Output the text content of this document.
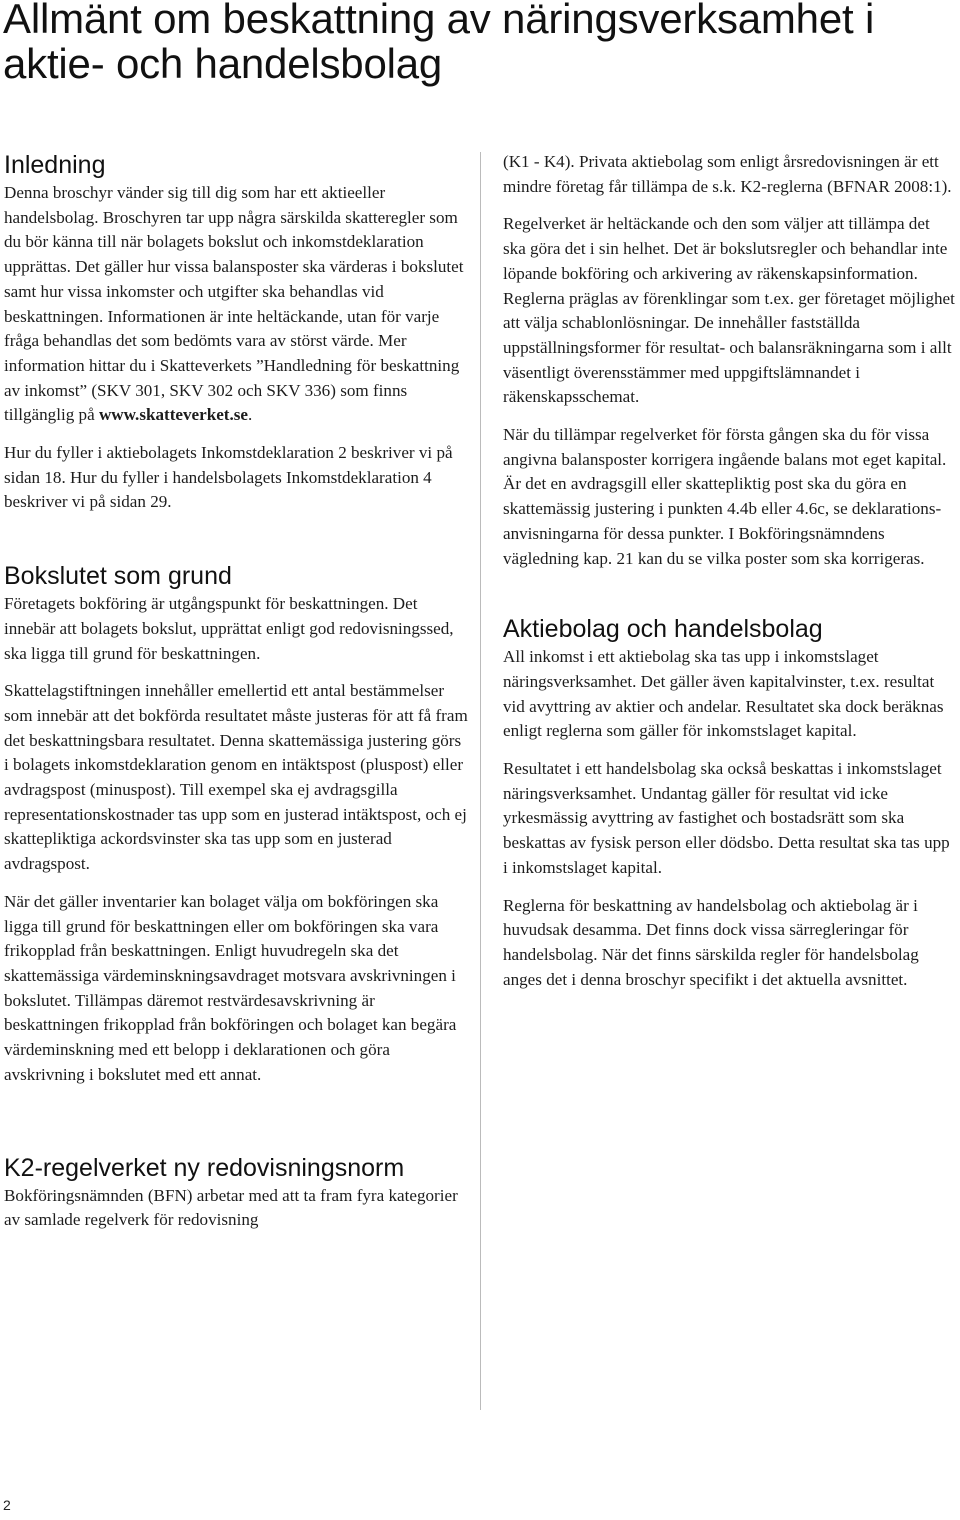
Allmänt om beskattning av näringsverksamhet i aktie- och handelsbolag
Inledning

Denna broschyr vänder sig till dig som har ett aktieeller handelsbolag. Broschyren tar upp några särskilda skatteregler som du bör känna till när bolagets bokslut och inkomstdeklaration upprättas. Det gäller hur vissa balansposter ska värderas i bokslutet samt hur vissa inkomster och utgifter ska behandlas vid beskattningen. Informationen är inte heltäckande, utan för varje fråga behandlas det som bedömts vara av störst värde. Mer information hittar du i Skatteverkets ”Handledning för beskattning av inkomst” (SKV 301, SKV 302 och SKV 336) som finns tillgänglig på www.skatteverket.se.

Hur du fyller i aktiebolagets Inkomstdeklaration 2 beskriver vi på sidan 18. Hur du fyller i handelsbolagets Inkomstdeklaration 4 beskriver vi på sidan 29.

Bokslutet som grund

Företagets bokföring är utgångspunkt för beskattningen. Det innebär att bolagets bokslut, upprättat enligt god redovisningssed, ska ligga till grund för beskattningen.

Skattelagstiftningen innehåller emellertid ett antal bestämmelser som innebär att det bokförda resultatet måste justeras för att få fram det beskattningsbara resultatet. Denna skattemässiga justering görs i bolagets inkomstdeklaration genom en intäktspost (pluspost) eller avdragspost (minuspost). Till exempel ska ej avdragsgilla representationskostnader tas upp som en justerad intäktspost, och ej skattepliktiga ackordsvinster ska tas upp som en justerad avdragspost.

När det gäller inventarier kan bolaget välja om bokföringen ska ligga till grund för beskattningen eller om bokföringen ska vara frikopplad från beskattningen. Enligt huvudregeln ska det skattemässiga värdeminskningsavdraget motsvara avskrivningen i bokslutet. Tillämpas däremot restvärdesavskrivning är beskattningen frikopplad från bokföringen och bolaget kan begära värdeminskning med ett belopp i deklarationen och göra avskrivning i bokslutet med ett annat.

K2-regelverket ny redovisningsnorm

Bokföringsnämnden (BFN) arbetar med att ta fram fyra kategorier av samlade regelverk för redovisning

(K1 - K4). Privata aktiebolag som enligt årsredovisningen är ett mindre företag får tillämpa de s.k. K2-reglerna (BFNAR 2008:1).

Regelverket är heltäckande och den som väljer att tillämpa det ska göra det i sin helhet. Det är bokslutsregler och behandlar inte löpande bokföring och arkivering av räkenskapsinformation. Reglerna präglas av förenklingar som t.ex. ger företaget möjlighet att välja schablonlösningar. De innehåller fastställda uppställningsformer för resultat- och balansräkningarna som i allt väsentligt överensstämmer med uppgiftslämnandet i räkenskapsschemat.

När du tillämpar regelverket för första gången ska du för vissa angivna balansposter korrigera ingående balans mot eget kapital. Är det en avdragsgill eller skattepliktig post ska du göra en skattemässig justering i punkten 4.4b eller 4.6c, se deklarationsanvisningarna för dessa punkter. I Bokföringsnämndens vägledning kap. 21 kan du se vilka poster som ska korrigeras.

Aktiebolag och handelsbolag

All inkomst i ett aktiebolag ska tas upp i inkomstslaget näringsverksamhet. Det gäller även kapitalvinster, t.ex. resultat vid avyttring av aktier och andelar. Resultatet ska dock beräknas enligt reglerna som gäller för inkomstslaget kapital.

Resultatet i ett handelsbolag ska också beskattas i inkomstslaget näringsverksamhet. Undantag gäller för resultat vid icke yrkesmässig avyttring av fastighet och bostadsrätt som ska beskattas av fysisk person eller dödsbo. Detta resultat ska tas upp i inkomstslaget kapital.

Reglerna för beskattning av handelsbolag och aktiebolag är i huvudsak desamma. Det finns dock vissa särregleringar för handelsbolag. När det finns särskilda regler för handelsbolag anges det i denna broschyr specifikt i det aktuella avsnittet.

2
